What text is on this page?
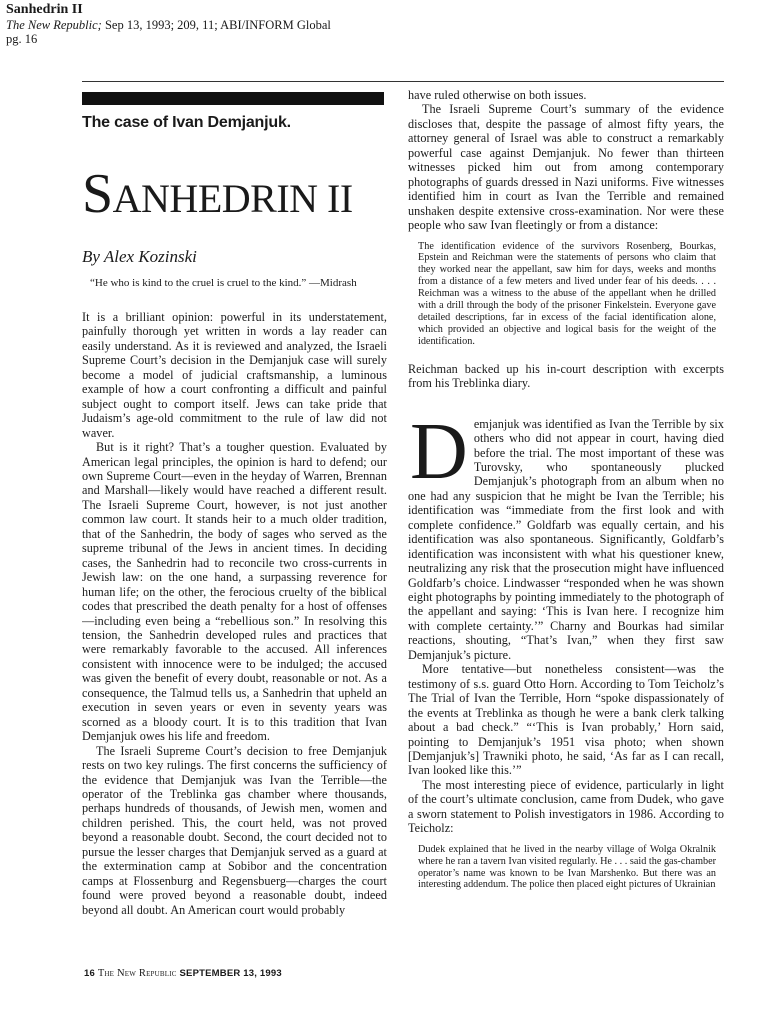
Sanhedrin II
The New Republic; Sep 13, 1993; 209, 11; ABI/INFORM Global
pg. 16
The case of Ivan Demjanjuk.
SANHEDRIN II
By Alex Kozinski
“He who is kind to the cruel is cruel to the kind.” —Midrash

It is a brilliant opinion: powerful in its understatement, painfully thorough yet written in words a lay reader can easily understand. As it is reviewed and analyzed, the Israeli Supreme Court’s decision in the Demjanjuk case will surely become a model of judicial craftsmanship, a luminous example of how a court confronting a difficult and painful subject ought to comport itself. Jews can take pride that Judaism’s age-old commitment to the rule of law did not waver.

But is it right? That’s a tougher question. Evaluated by American legal principles, the opinion is hard to defend; our own Supreme Court—even in the heyday of Warren, Brennan and Marshall—likely would have reached a different result. The Israeli Supreme Court, however, is not just another common law court. It stands heir to a much older tradition, that of the Sanhedrin, the body of sages who served as the supreme tribunal of the Jews in ancient times. In deciding cases, the Sanhedrin had to reconcile two cross-currents in Jewish law: on the one hand, a surpassing reverence for human life; on the other, the ferocious cruelty of the biblical codes that prescribed the death penalty for a host of offenses—including even being a “rebellious son.” In resolving this tension, the Sanhedrin developed rules and practices that were remarkably favorable to the accused. All inferences consistent with innocence were to be indulged; the accused was given the benefit of every doubt, reasonable or not. As a consequence, the Talmud tells us, a Sanhedrin that upheld an execution in seven years or even in seventy years was scorned as a bloody court. It is to this tradition that Ivan Demjanjuk owes his life and freedom.

The Israeli Supreme Court’s decision to free Demjanjuk rests on two key rulings. The first concerns the sufficiency of the evidence that Demjanjuk was Ivan the Terrible—the operator of the Treblinka gas chamber where thousands, perhaps hundreds of thousands, of Jewish men, women and children perished. This, the court held, was not proved beyond a reasonable doubt. Second, the court decided not to pursue the lesser charges that Demjanjuk served as a guard at the extermination camp at Sobibor and the concentration camps at Flossenburg and Regensbuerg—charges the court found were proved beyond a reasonable doubt, indeed beyond all doubt. An American court would probably

have ruled otherwise on both issues.

The Israeli Supreme Court’s summary of the evidence discloses that, despite the passage of almost fifty years, the attorney general of Israel was able to construct a remarkably powerful case against Demjanjuk. No fewer than thirteen witnesses picked him out from among contemporary photographs of guards dressed in Nazi uniforms. Five witnesses identified him in court as Ivan the Terrible and remained unshaken despite extensive cross-examination. Nor were these people who saw Ivan fleetingly or from a distance:

The identification evidence of the survivors Rosenberg, Bourkas, Epstein and Reichman were the statements of persons who claim that they worked near the appellant, saw him for days, weeks and months from a distance of a few meters and lived under fear of his deeds. . . . Reichman was a witness to the abuse of the appellant when he drilled with a drill through the body of the prisoner Finkelstein. Everyone gave detailed descriptions, far in excess of the facial identification alone, which provided an objective and logical basis for the weight of the identification.

Reichman backed up his in-court description with excerpts from his Treblinka diary.

Demjanjuk was identified as Ivan the Terrible by six others who did not appear in court, having died before the trial. The most important of these was Turovsky, who spontaneously plucked Demjanjuk’s photograph from an album when no one had any suspicion that he might be Ivan the Terrible; his identification was “immediate from the first look and with complete confidence.” Goldfarb was equally certain, and his identification was also spontaneous. Significantly, Goldfarb’s identification was inconsistent with what his questioner knew, neutralizing any risk that the prosecution might have influenced Goldfarb’s choice. Lindwasser “responded when he was shown eight photographs by pointing immediately to the photograph of the appellant and saying: ‘This is Ivan here. I recognize him with complete certainty.’” Charny and Bourkas had similar reactions, shouting, “That’s Ivan,” when they first saw Demjanjuk’s picture.

More tentative—but nonetheless consistent—was the testimony of s.s. guard Otto Horn. According to Tom Teicholz’s The Trial of Ivan the Terrible, Horn “spoke dispassionately of the events at Treblinka as though he were a bank clerk talking about a bad check.” “‘This is Ivan probably,’ Horn said, pointing to Demjanjuk’s 1951 visa photo; when shown [Demjanjuk’s] Trawniki photo, he said, ‘As far as I can recall, Ivan looked like this.’”

The most interesting piece of evidence, particularly in light of the court’s ultimate conclusion, came from Dudek, who gave a sworn statement to Polish investigators in 1986. According to Teicholz:

Dudek explained that he lived in the nearby village of Wolga Okralnik where he ran a tavern Ivan visited regularly. He . . . said the gas-chamber operator’s name was known to be Ivan Marshenko. But there was an interesting addendum. The police then placed eight pictures of Ukrainian

16 The New Republic SEPTEMBER 13, 1993
